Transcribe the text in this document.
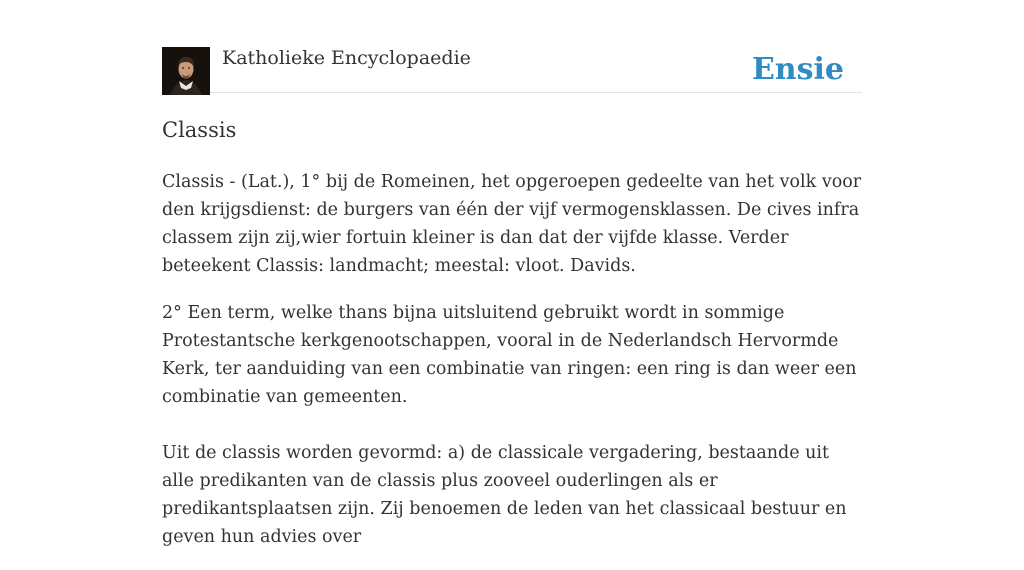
Katholieke Encyclopaedie	Ensie
Classis

Classis - (Lat.), 1° bij de Romeinen, het opgeroepen gedeelte van het volk voor den krijgsdienst: de burgers van één der vijf vermogensklassen. De cives infra classem zijn zij,wier fortuin kleiner is dan dat der vijfde klasse. Verder beteekent Classis: landmacht; meestal: vloot. Davids.

2° Een term, welke thans bijna uitsluitend gebruikt wordt in sommige Protestantsche kerkgenootschappen, vooral in de Nederlandsch Hervormde Kerk, ter aanduiding van een combinatie van ringen: een ring is dan weer een combinatie van gemeenten.

Uit de classis worden gevormd: a) de classicale vergadering, bestaande uit alle predikanten van de classis plus zooveel ouderlingen als er predikantsplaatsen zijn. Zij benoemen de leden van het classicaal bestuur en geven hun advies over
